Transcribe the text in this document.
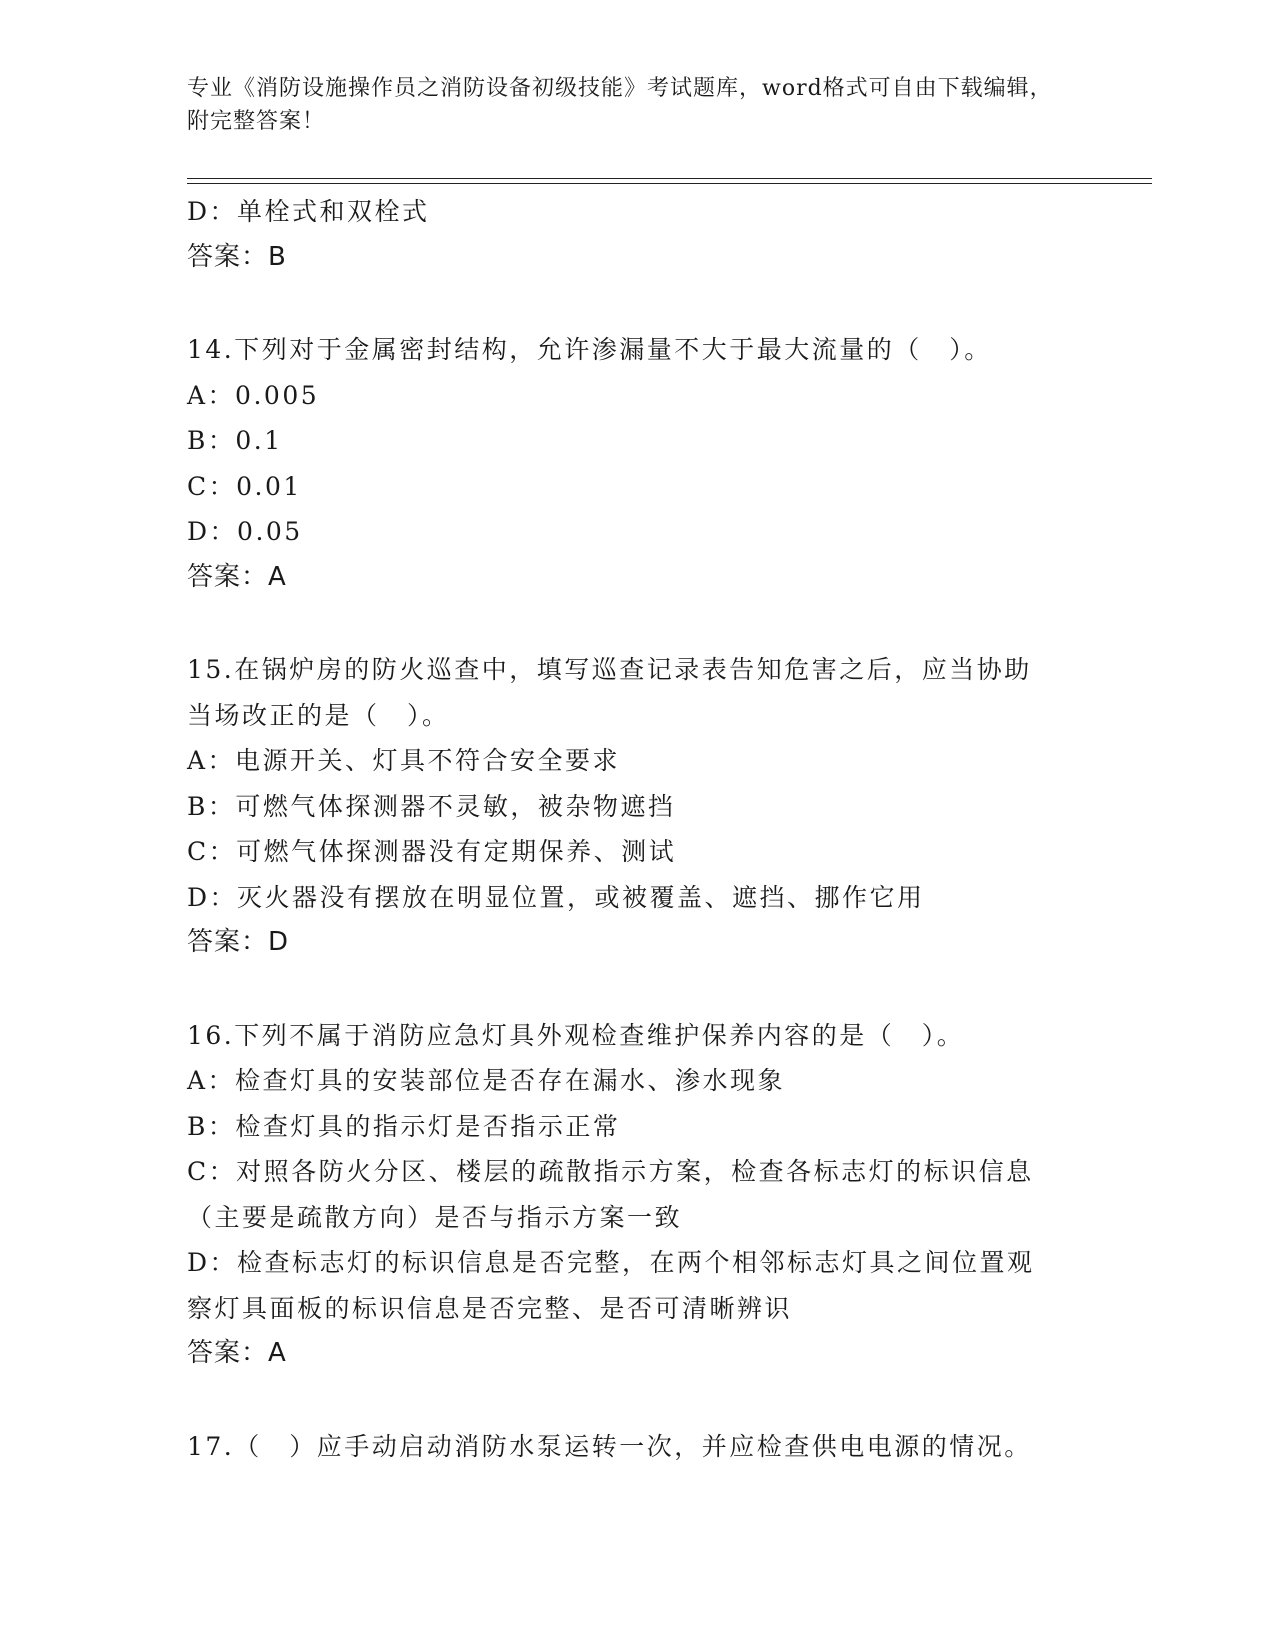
专业《消防设施操作员之消防设备初级技能》考试题库，word格式可自由下载编辑，附完整答案！
D：单栓式和双栓式
答案：B
14.下列对于金属密封结构，允许渗漏量不大于最大流量的（　）。
A：0.005
B：0.1
C：0.01
D：0.05
答案：A
15.在锅炉房的防火巡查中，填写巡查记录表告知危害之后，应当协助
当场改正的是（　）。
A：电源开关、灯具不符合安全要求
B：可燃气体探测器不灵敏，被杂物遮挡
C：可燃气体探测器没有定期保养、测试
D：灭火器没有摆放在明显位置，或被覆盖、遮挡、挪作它用
答案：D
16.下列不属于消防应急灯具外观检查维护保养内容的是（　）。
A：检查灯具的安装部位是否存在漏水、渗水现象
B：检查灯具的指示灯是否指示正常
C：对照各防火分区、楼层的疏散指示方案，检查各标志灯的标识信息
（主要是疏散方向）是否与指示方案一致
D：检查标志灯的标识信息是否完整，在两个相邻标志灯具之间位置观
察灯具面板的标识信息是否完整、是否可清晰辨识
答案：A
17.（　）应手动启动消防水泵运转一次，并应检查供电电源的情况。
